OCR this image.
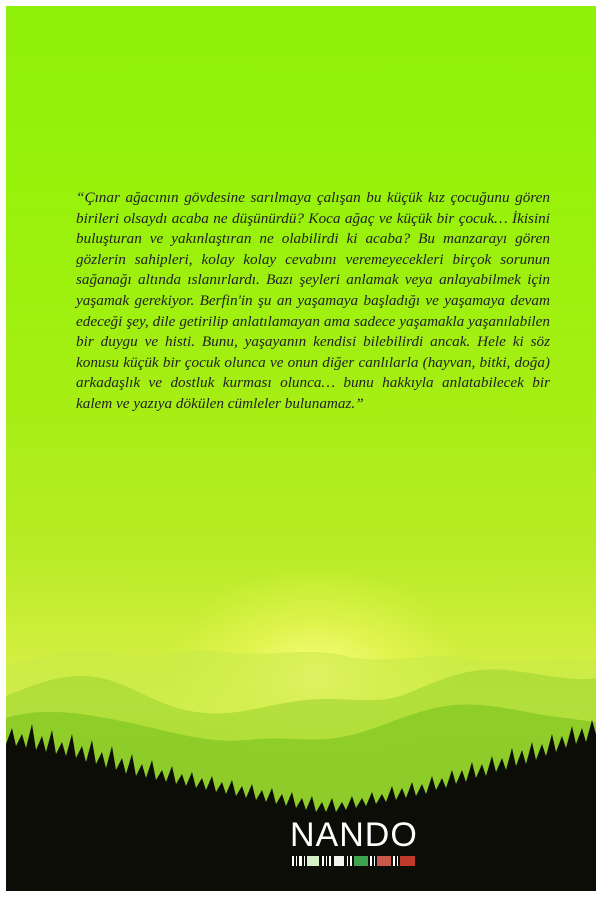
“Çınar ağacının gövdesine sarılmaya çalışan bu küçük kız çocuğunu gören birileri olsaydı acaba ne düşünürdü? Koca ağaç ve küçük bir çocuk… İkisini buluşturan ve yakınlaştıran ne olabilirdi ki acaba? Bu manzarayı gören gözlerin sahipleri, kolay kolay cevabını veremeyecekleri birçok sorunun sağanağı altında ıslanırlardı. Bazı şeyleri anlamak veya anlayabilmek için yaşamak gerekiyor. Berfin'in şu an yaşamaya başladığı ve yaşamaya devam edeceği şey, dile getirilip anlatılamayan ama sadece yaşamakla yaşanılabilen bir duygu ve histi. Bunu, yaşayanın kendisi bilebilirdi ancak. Hele ki söz konusu küçük bir çocuk olunca ve onun diğer canlılarla (hayvan, bitki, doğa) arkadaşlık ve dostluk kurması olunca… bunu hakkıyla anlatabilecek bir kalem ve yazıya dökülen cümleler bulunamaz.”

NANDO
